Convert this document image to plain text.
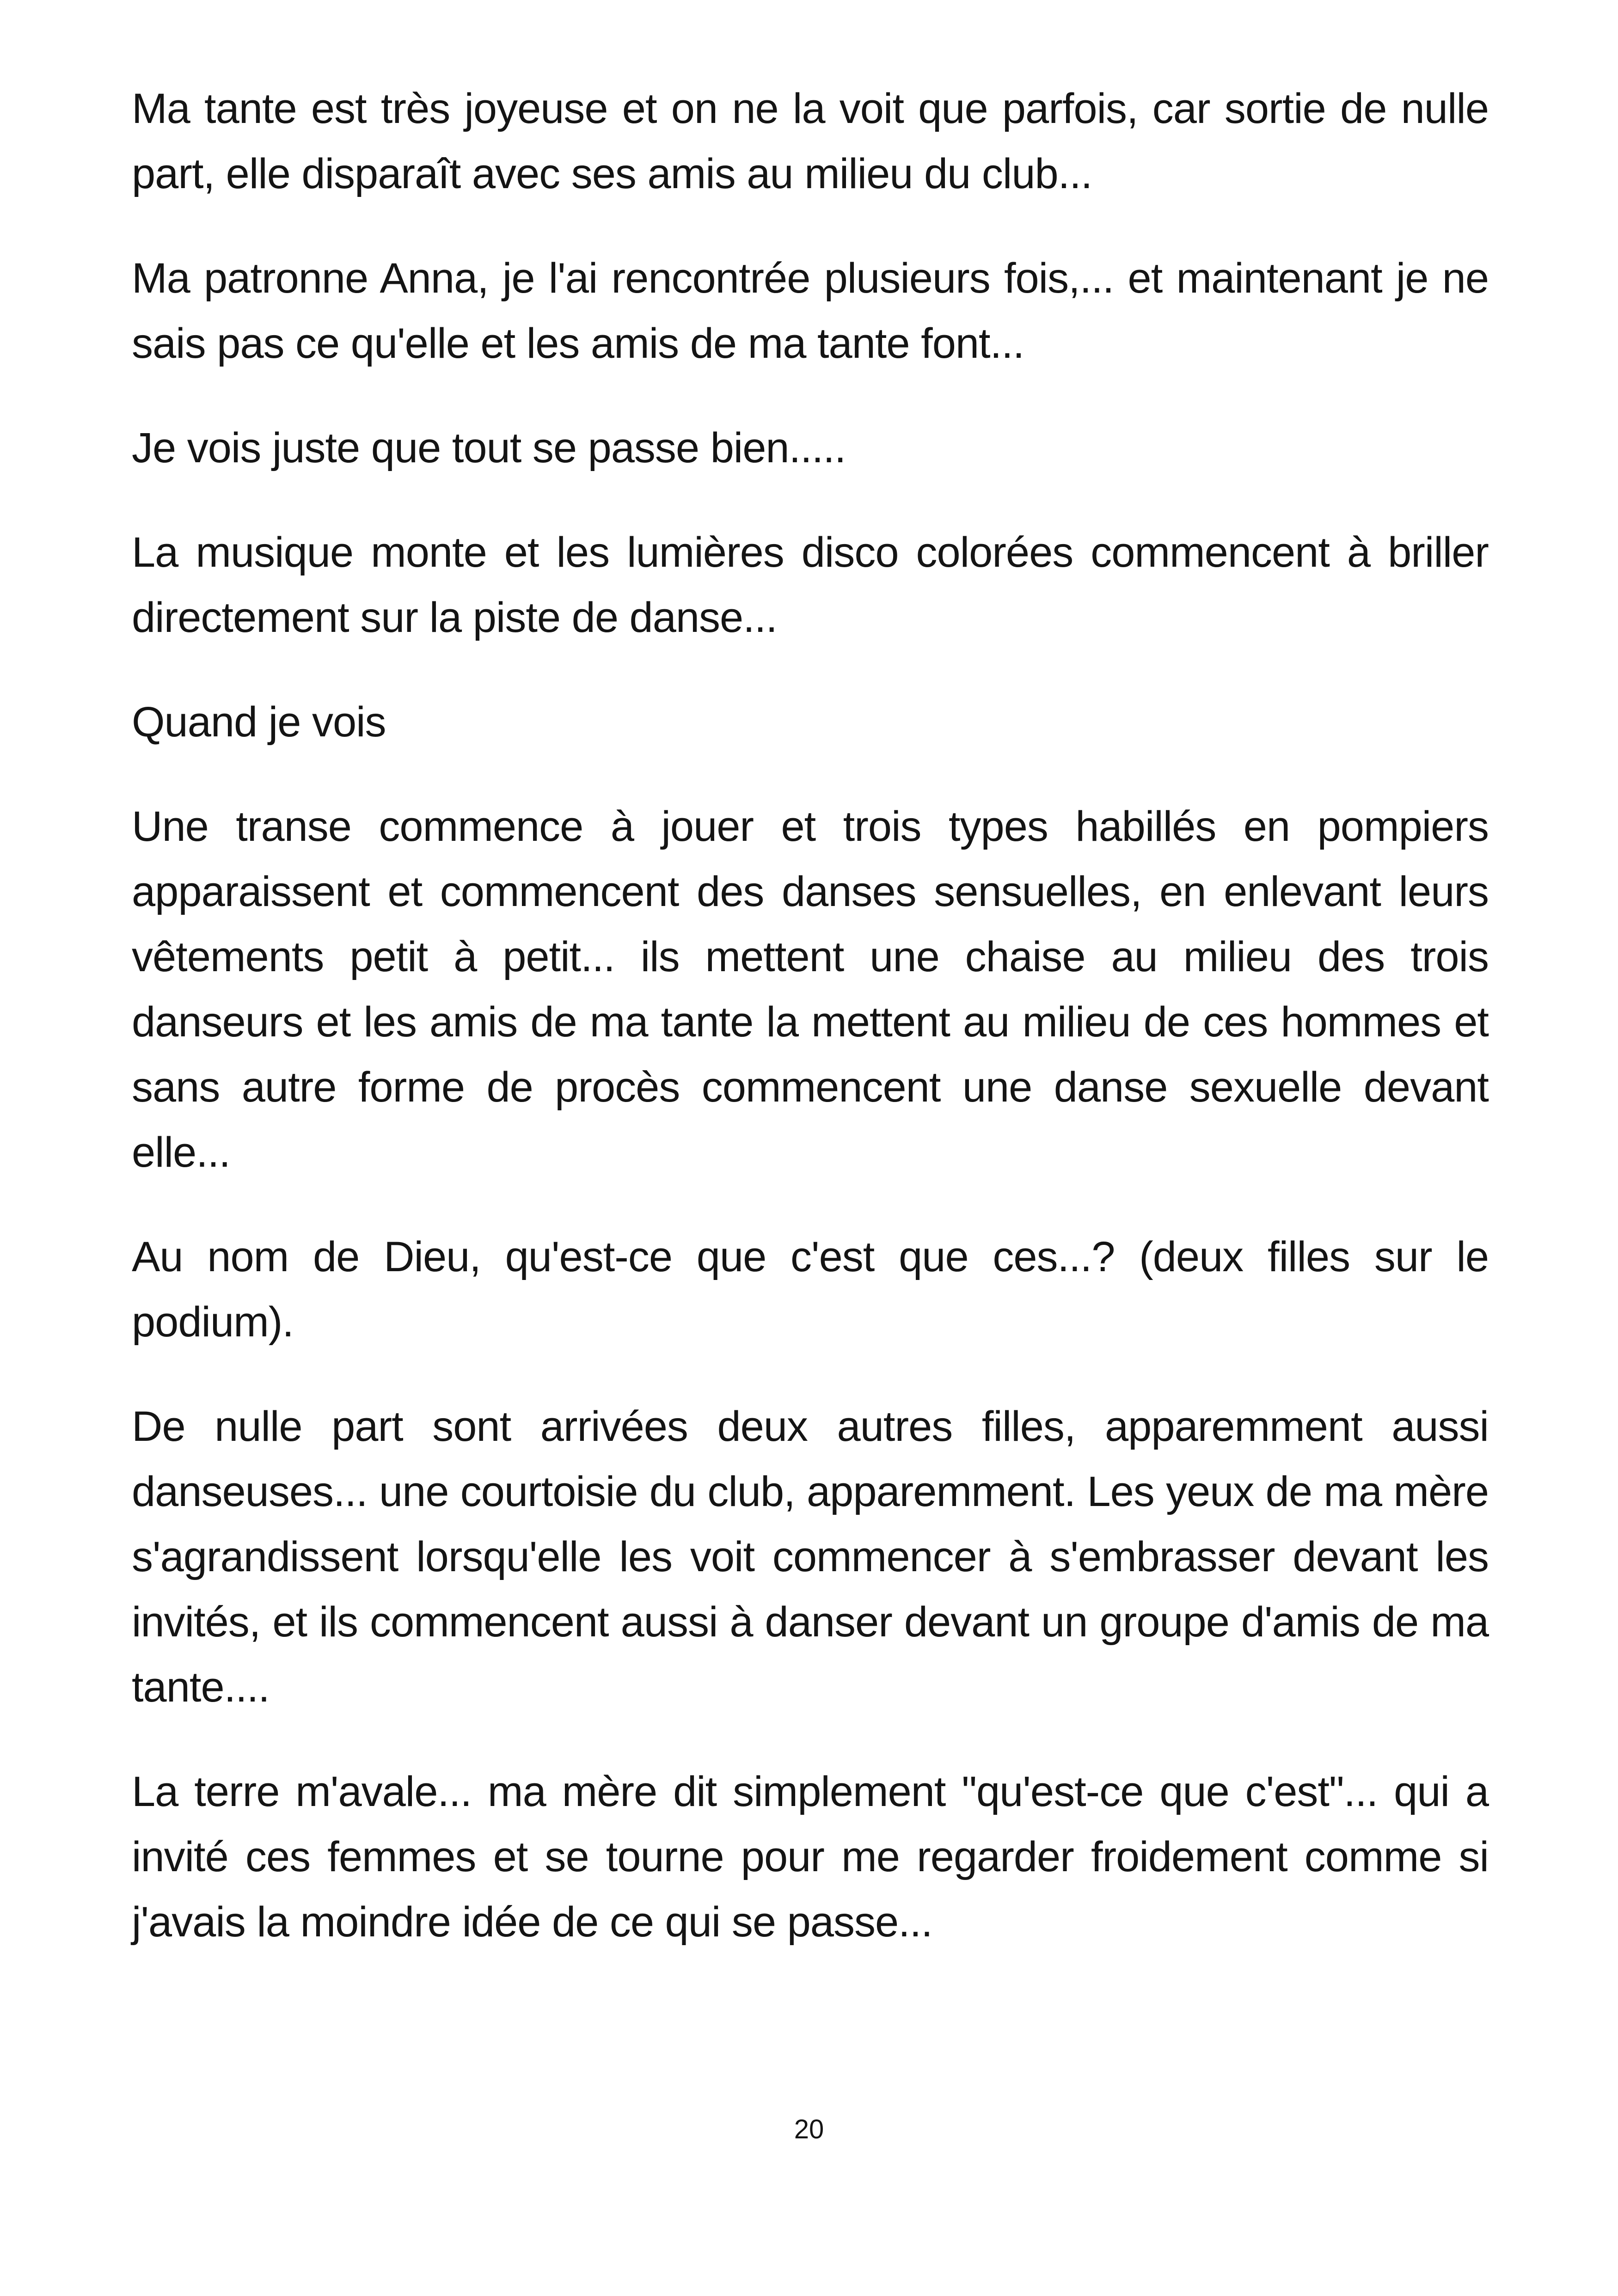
Ma tante est très joyeuse et on ne la voit que parfois, car sortie de nulle part, elle disparaît avec ses amis au milieu du club...

Ma patronne Anna, je l'ai rencontrée plusieurs fois,... et maintenant je ne sais pas ce qu'elle et les amis de ma tante font...

Je vois juste que tout se passe bien.....

La musique monte et les lumières disco colorées commencent à briller directement sur la piste de danse...

Quand je vois

Une transe commence à jouer et trois types habillés en pompiers apparaissent et commencent des danses sensuelles, en enlevant leurs vêtements petit à petit... ils mettent une chaise au milieu des trois danseurs et les amis de ma tante la mettent au milieu de ces hommes et sans autre forme de procès commencent une danse sexuelle devant elle...

Au nom de Dieu, qu'est-ce que c'est que ces...? (deux filles sur le podium).

De nulle part sont arrivées deux autres filles, apparemment aussi danseuses... une courtoisie du club, apparemment. Les yeux de ma mère s'agrandissent lorsqu'elle les voit commencer à s'embrasser devant les invités, et ils commencent aussi à danser devant un groupe d'amis de ma tante....

La terre m'avale... ma mère dit simplement "qu'est-ce que c'est"... qui a invité ces femmes et se tourne pour me regarder froidement comme si j'avais la moindre idée de ce qui se passe...

20
